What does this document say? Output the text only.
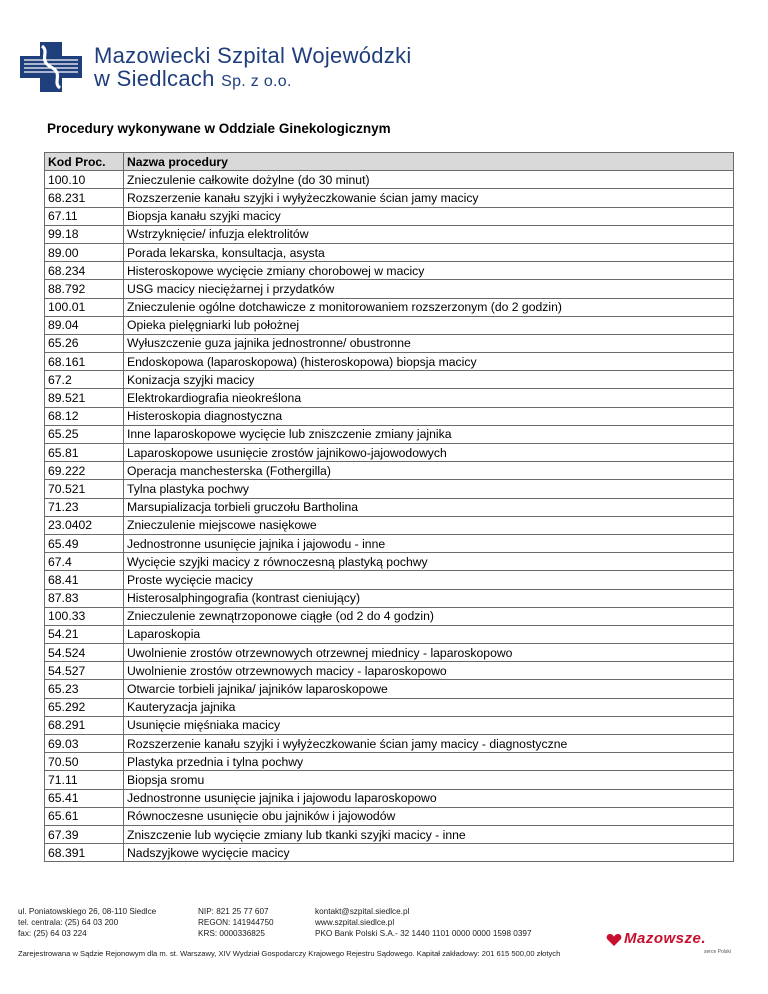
Mazowiecki Szpital Wojewódzki
w Siedlcach Sp. z o.o.
Procedury wykonywane w Oddziale Ginekologicznym
Kod Proc.	Nazwa procedury
100.10	Znieczulenie całkowite dożylne (do 30 minut)
68.231	Rozszerzenie kanału szyjki i wyłyżeczkowanie ścian jamy macicy
67.11	Biopsja kanału szyjki macicy
99.18	Wstrzyknięcie/ infuzja elektrolitów
89.00	Porada lekarska, konsultacja, asysta
68.234	Histeroskopowe wycięcie zmiany chorobowej w macicy
88.792	USG macicy nieciężarnej i przydatków
100.01	Znieczulenie ogólne dotchawicze z monitorowaniem rozszerzonym (do 2 godzin)
89.04	Opieka pielęgniarki lub położnej
65.26	Wyłuszczenie guza jajnika jednostronne/ obustronne
68.161	Endoskopowa (laparoskopowa) (histeroskopowa) biopsja macicy
67.2	Konizacja szyjki macicy
89.521	Elektrokardiografia nieokreślona
68.12	Histeroskopia diagnostyczna
65.25	Inne laparoskopowe wycięcie lub zniszczenie zmiany jajnika
65.81	Laparoskopowe usunięcie zrostów jajnikowo-jajowodowych
69.222	Operacja manchesterska (Fothergilla)
70.521	Tylna plastyka pochwy
71.23	Marsupializacja torbieli gruczołu Bartholina
23.0402	Znieczulenie miejscowe nasiękowe
65.49	Jednostronne usunięcie jajnika i jajowodu - inne
67.4	Wycięcie szyjki macicy z równoczesną plastyką pochwy
68.41	Proste wycięcie macicy
87.83	Histerosalphingografia (kontrast cieniujący)
100.33	Znieczulenie zewnątrzoponowe ciągłe (od 2 do 4 godzin)
54.21	Laparoskopia
54.524	Uwolnienie zrostów otrzewnowych otrzewnej miednicy - laparoskopowo
54.527	Uwolnienie zrostów otrzewnowych macicy - laparoskopowo
65.23	Otwarcie torbieli jajnika/ jajników laparoskopowe
65.292	Kauteryzacja jajnika
68.291	Usunięcie mięśniaka macicy
69.03	Rozszerzenie kanału szyjki i wyłyżeczkowanie ścian jamy macicy - diagnostyczne
70.50	Plastyka przednia i tylna pochwy
71.11	Biopsja sromu
65.41	Jednostronne usunięcie jajnika i jajowodu laparoskopowo
65.61	Równoczesne usunięcie obu jajników i jajowodów
67.39	Zniszczenie lub wycięcie zmiany lub tkanki szyjki macicy - inne
68.391	Nadszyjkowe wycięcie macicy
ul. Poniatowskiego 26, 08-110 Siedlce
tel. centrala: (25) 64 03 200
fax: (25) 64 03 224
NIP: 821 25 77 607
REGON: 141944750
KRS: 0000336825
kontakt@szpital.siedlce.pl
www.szpital.siedlce.pl
PKO Bank Polski S.A.- 32 1440 1101 0000 0000 1598 0397
Zarejestrowana w Sądzie Rejonowym dla m. st. Warszawy, XIV Wydział Gospodarczy Krajowego Rejestru Sądowego. Kapitał zakładowy: 201 615 500,00 złotych
Mazowsze.
serce Polski
